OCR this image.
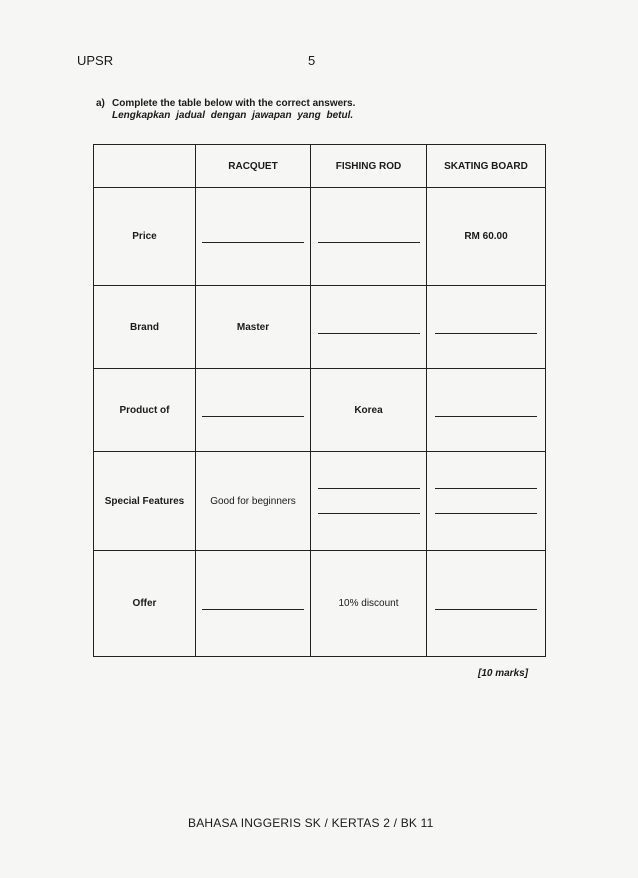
UPSR	5
a) Complete the table below with the correct answers.
Lengkapkan jadual dengan jawapan yang betul.
	RACQUET	FISHING ROD	SKATING BOARD
Price			RM 60.00
Brand	Master	

Product of		Korea	

Special Features	Good for beginners	

Offer		10% discount	
[10 marks]
BAHASA INGGERIS SK / KERTAS 2 / BK 11
